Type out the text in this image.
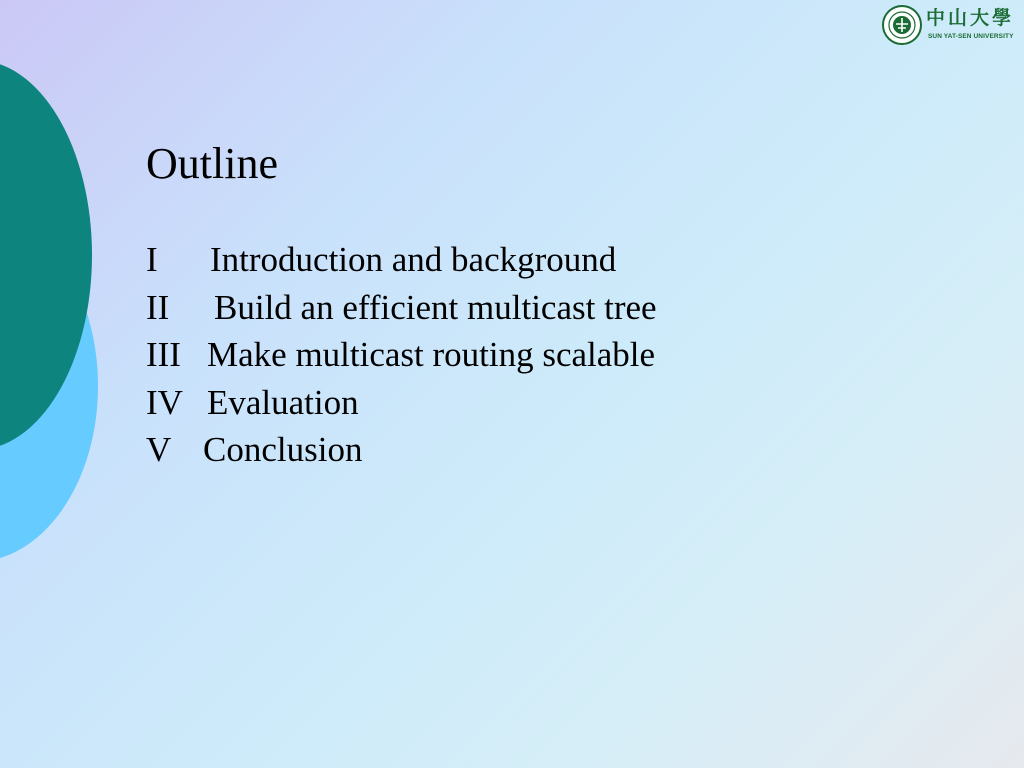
中山大學
SUN YAT-SEN UNIVERSITY
Outline
I Introduction and background
II Build an efficient multicast tree
III Make multicast routing scalable
IV Evaluation
V Conclusion
